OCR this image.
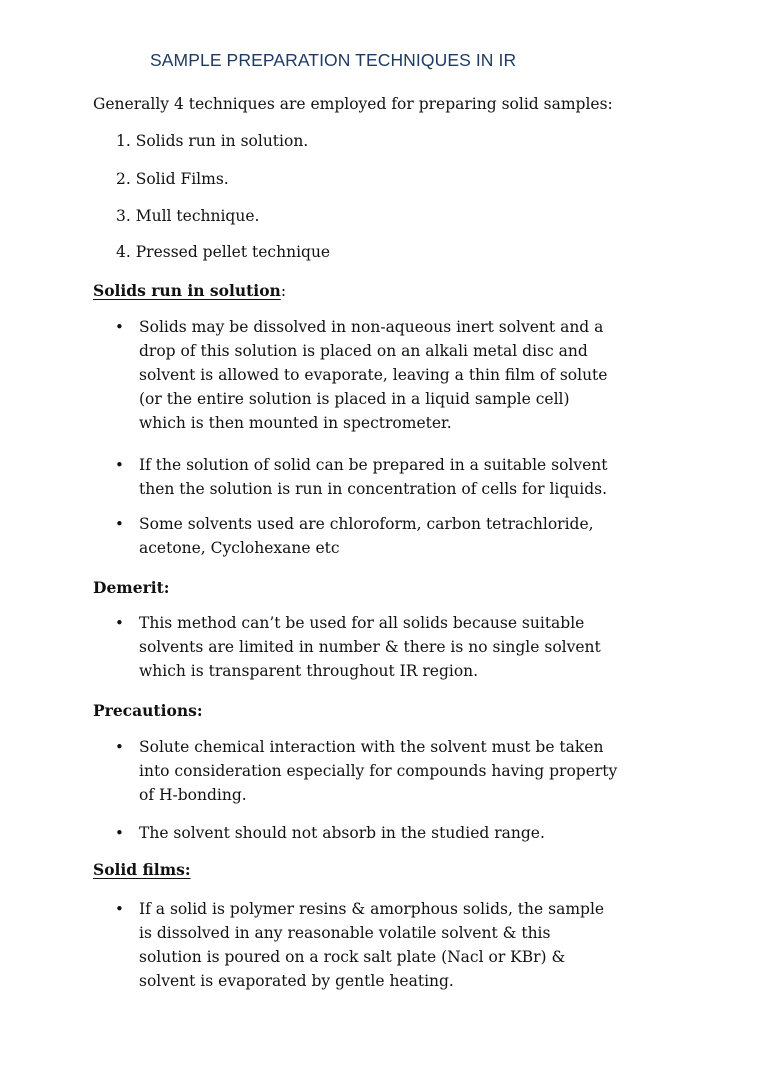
SAMPLE PREPARATION TECHNIQUES IN IR
Generally 4 techniques are employed for preparing solid samples:
1. Solids run in solution.
2. Solid Films.
3. Mull technique.
4. Pressed pellet technique
Solids run in solution:
• Solids may be dissolved in non-aqueous inert solvent and a
drop of this solution is placed on an alkali metal disc and
solvent is allowed to evaporate, leaving a thin film of solute
(or the entire solution is placed in a liquid sample cell)
which is then mounted in spectrometer.
• If the solution of solid can be prepared in a suitable solvent
then the solution is run in concentration of cells for liquids.
• Some solvents used are chloroform, carbon tetrachloride,
acetone, Cyclohexane etc
Demerit:
• This method can’t be used for all solids because suitable
solvents are limited in number & there is no single solvent
which is transparent throughout IR region.
Precautions:
• Solute chemical interaction with the solvent must be taken
into consideration especially for compounds having property
of H-bonding.
• The solvent should not absorb in the studied range.
Solid films:
• If a solid is polymer resins & amorphous solids, the sample
is dissolved in any reasonable volatile solvent & this
solution is poured on a rock salt plate (Nacl or KBr) &
solvent is evaporated by gentle heating.
